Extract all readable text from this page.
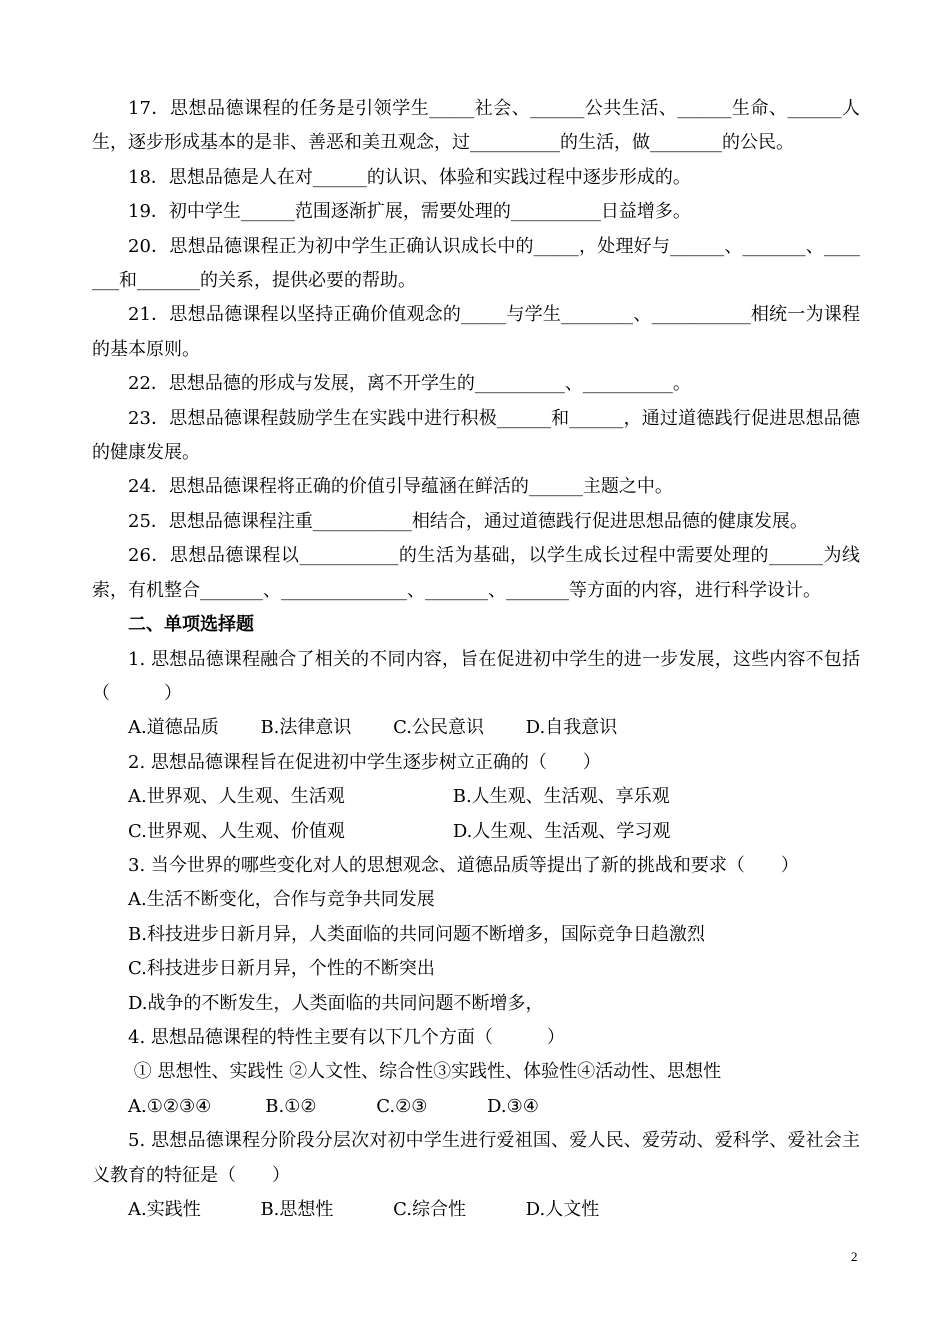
17．思想品德课程的任务是引领学生_____社会、______公共生活、______生命、______人生，逐步形成基本的是非、善恶和美丑观念，过__________的生活，做________的公民。

18．思想品德是人在对______的认识、体验和实践过程中逐步形成的。

19．初中学生______范围逐渐扩展，需要处理的__________日益增多。

20．思想品德课程正为初中学生正确认识成长中的_____，处理好与______、_______、_______和_______的关系，提供必要的帮助。

21．思想品德课程以坚持正确价值观念的_____与学生________、___________相统一为课程的基本原则。

22．思想品德的形成与发展，离不开学生的__________、__________。

23．思想品德课程鼓励学生在实践中进行积极______和______，通过道德践行促进思想品德的健康发展。

24．思想品德课程将正确的价值引导蕴涵在鲜活的______主题之中。

25．思想品德课程注重___________相结合，通过道德践行促进思想品德的健康发展。

26．思想品德课程以___________的生活为基础，以学生成长过程中需要处理的______为线索，有机整合_______、______________、_______、_______等方面的内容，进行科学设计。

二、单项选择题

1. 思想品德课程融合了相关的不同内容，旨在促进初中学生的进一步发展，这些内容不包括（　　　）

A.道德品质　　 B.法律意识　　 C.公民意识　　 D.自我意识

2. 思想品德课程旨在促进初中学生逐步树立正确的（　　）

A.世界观、人生观、生活观　　　　　　B.人生观、生活观、享乐观

C.世界观、人生观、价值观　　　　　　D.人生观、生活观、学习观

3. 当今世界的哪些变化对人的思想观念、道德品质等提出了新的挑战和要求（　　）

A.生活不断变化，合作与竞争共同发展

B.科技进步日新月异，人类面临的共同问题不断增多，国际竞争日趋激烈

C.科技进步日新月异，个性的不断突出

D.战争的不断发生，人类面临的共同问题不断增多，

4. 思想品德课程的特性主要有以下几个方面（　　　）

① 思想性、实践性 ②人文性、综合性③实践性、体验性④活动性、思想性

A.①②③④　　　B.①②　　　 C.②③　　　 D.③④

5. 思想品德课程分阶段分层次对初中学生进行爱祖国、爱人民、爱劳动、爱科学、爱社会主义教育的特征是（　　）

A.实践性　　　 B.思想性　　　 C.综合性　　　 D.人文性

2
